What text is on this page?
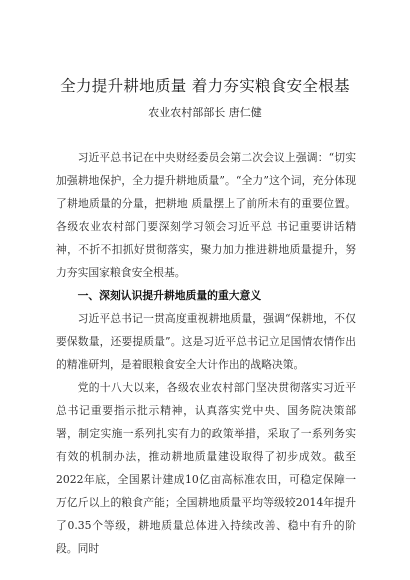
全力提升耕地质量 着力夯实粮食安全根基
农业农村部部长 唐仁健

习近平总书记在中央财经委员会第二次会议上强调：“切实加强耕地保护，全力提升耕地质量”。“全力”这个词，充分体现了耕地质量的分量，把耕地 质量摆上了前所未有的重要位置。各级农业农村部门要深刻学习领会习近平总 书记重要讲话精神，不折不扣抓好贯彻落实，聚力加力推进耕地质量提升，努 力夯实国家粮食安全根基。

一、深刻认识提升耕地质量的重大意义

习近平总书记一贯高度重视耕地质量，强调“保耕地，不仅要保数量，还要提质量”。这是习近平总书记立足国情农情作出的精准研判，是着眼粮食安全大计作出的战略决策。

党的十八大以来，各级农业农村部门坚决贯彻落实习近平总书记重要指示批示精神，认真落实党中央、国务院决策部署，制定实施一系列扎实有力的政策举措，采取了一系列务实有效的机制办法，推动耕地质量建设取得了初步成效。截至2022年底，全国累计建成10亿亩高标准农田，可稳定保障一万亿斤以上的粮食产能；全国耕地质量平均等级较2014年提升了0.35个等级，耕地质量总体进入持续改善、稳中有升的阶段。同时
